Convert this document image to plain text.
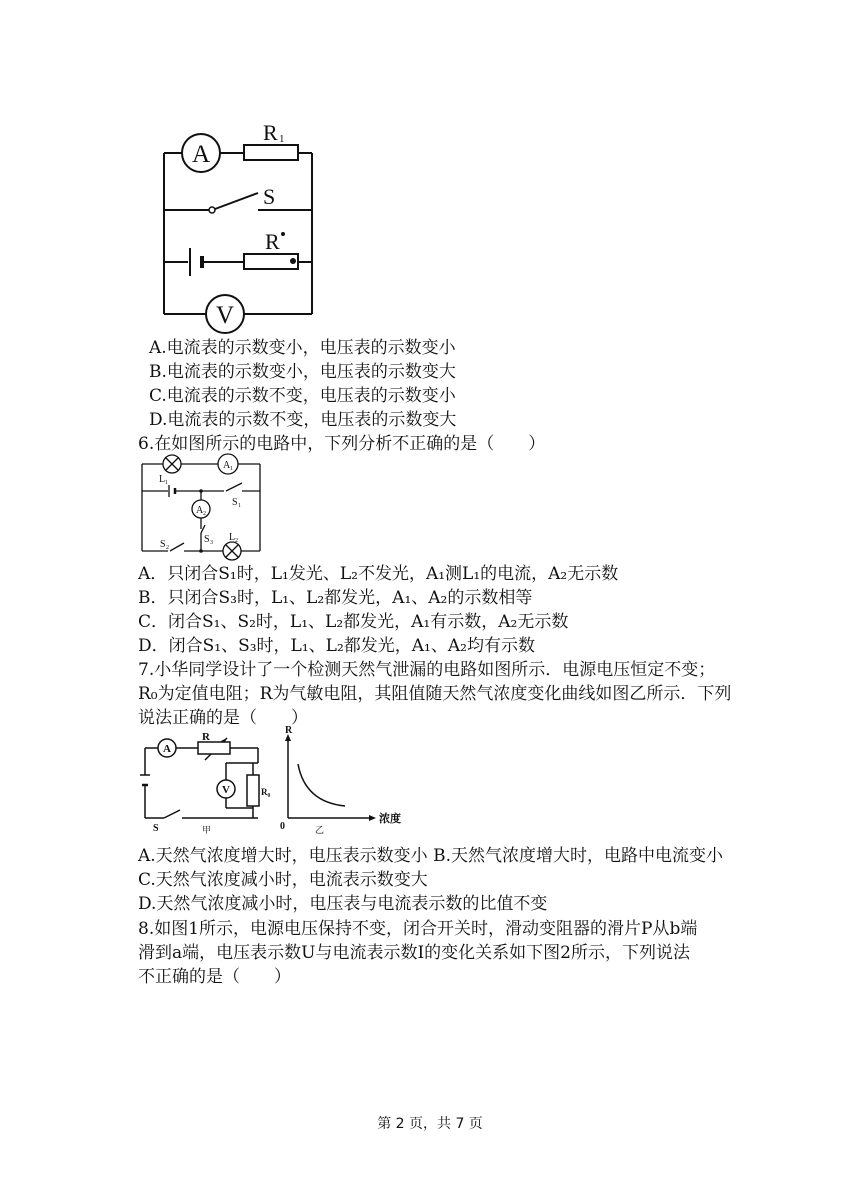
A
R 1
S
R
V
A.电流表的示数变小，电压表的示数变小
B.电流表的示数变小，电压表的示数变大
C.电流表的示数不变，电压表的示数变小
D.电流表的示数不变，电压表的示数变大
6.在如图所示的电路中，下列分析不正确的是（　　）
L 1
A 1
A 2
S 1
S 2
S 3 L 2
A．只闭合S₁时，L₁发光、L₂不发光，A₁测L₁的电流，A₂无示数
B．只闭合S₃时，L₁、L₂都发光，A₁、A₂的示数相等
C．闭合S₁、S₂时，L₁、L₂都发光，A₁有示数，A₂无示数
D．闭合S₁、S₃时，L₁、L₂都发光，A₁、A₂均有示数
7.小华同学设计了一个检测天然气泄漏的电路如图所示．电源电压恒定不变；
R₀为定值电阻；R为气敏电阻，其阻值随天然气浓度变化曲线如图乙所示．下列
说法正确的是（　　）
A
R
V	R₀
S	甲
R
0
浓度
乙
A.天然气浓度增大时，电压表示数变小 B.天然气浓度增大时，电路中电流变小
C.天然气浓度减小时，电流表示数变大
D.天然气浓度减小时，电压表与电流表示数的比值不变
8.如图1所示，电源电压保持不变，闭合开关时，滑动变阻器的滑片P从b端
滑到a端，电压表示数U与电流表示数I的变化关系如下图2所示，下列说法
不正确的是（　　）
第 2 页，共 7 页
